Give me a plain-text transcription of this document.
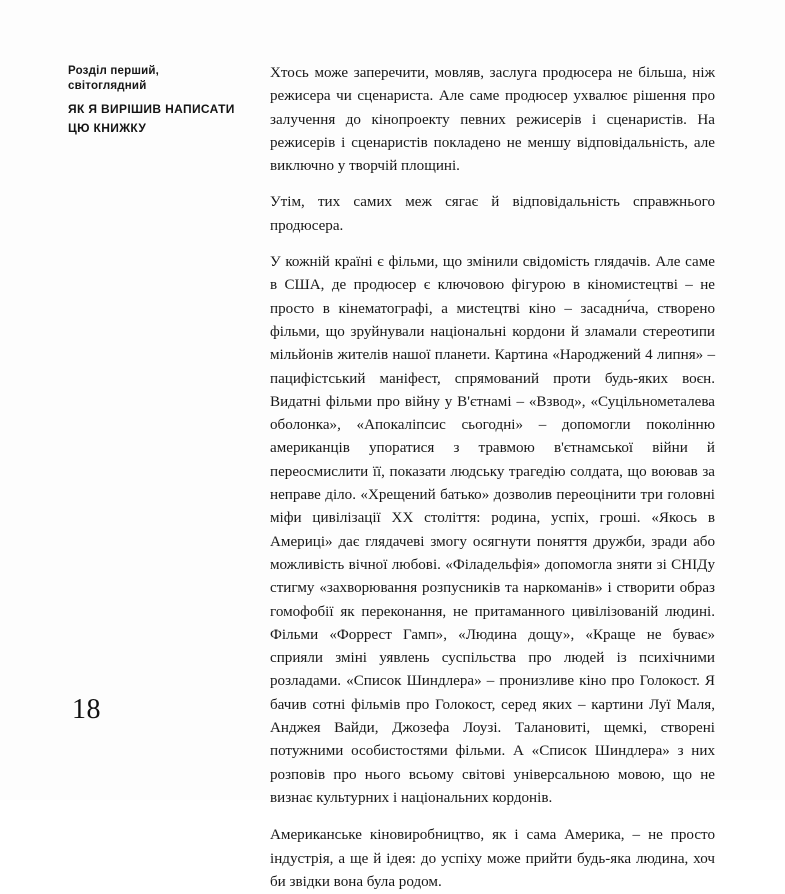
Розділ перший, світоглядний
ЯК Я ВИРІШИВ НАПИСАТИ ЦЮ КНИЖКУ
18

Хтось може заперечити, мовляв, заслуга продюсера не більша, ніж режисера чи сценариста. Але саме продюсер ухвалює рішення про залучення до кінопроекту певних режисерів і сценаристів. На режисерів і сценаристів покладено не меншу відповідальність, але виключно у творчій площині.

Утім, тих самих меж сягає й відповідальність справжнього продюсера.

У кожній країні є фільми, що змінили свідомість глядачів. Але саме в США, де продюсер є ключовою фігурою в кіномистецтві – не просто в кінематографі, а мистецтві кіно – засадни́ча, створено фільми, що зруйнували національні кордони й зламали стереотипи мільйонів жителів нашої планети. Картина «Народжений 4 липня» – пацифістський маніфест, спрямований проти будь-яких воєн. Видатні фільми про війну у В'єтнамі – «Взвод», «Суцільнометалева оболонка», «Апокаліпсис сьогодні» – допомогли поколінню американців упоратися з травмою в'єтнамської війни й переосмислити її, показати людську трагедію солдата, що воював за неправе діло. «Хрещений батько» дозволив переоцінити три головні міфи цивілізації XX століття: родина, успіх, гроші. «Якось в Америці» дає глядачеві змогу осягнути поняття дружби, зради або можливість вічної любові. «Філадельфія» допомогла зняти зі СНІДу стигму «захворювання розпусників та наркоманів» і створити образ гомофобії як переконання, не притаманного цивілізованій людині. Фільми «Форрест Гамп», «Людина дощу», «Краще не буває» сприяли зміні уявлень суспільства про людей із психічними розладами. «Список Шиндлера» – пронизливе кіно про Голокост. Я бачив сотні фільмів про Голокост, серед яких – картини Луї Маля, Анджея Вайди, Джозефа Лоузі. Талановиті, щемкі, створені потужними особистостями фільми. А «Список Шиндлера» з них розповів про нього всьому світові універсальною мовою, що не визнає культурних і національних кордонів.

Американське кіновиробництво, як і сама Америка, – не просто індустрія, а ще й ідея: до успіху може прийти будь-яка людина, хоч би звідки вона була родом.
